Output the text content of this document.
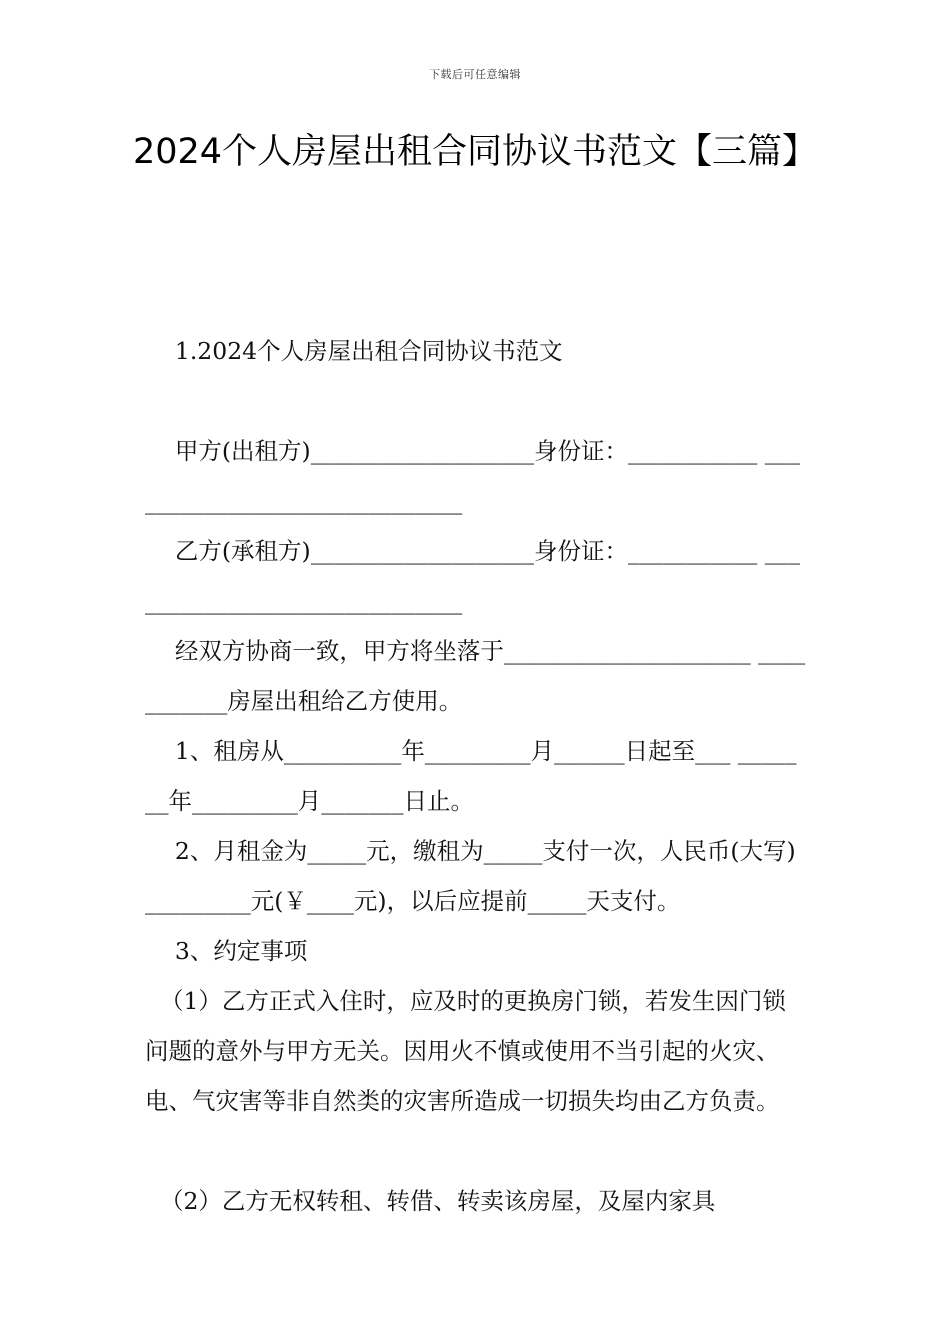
下载后可任意编辑
2024个人房屋出租合同协议书范文【三篇】
1.2024个人房屋出租合同协议书范文
甲方(出租方)___________________身份证：___________ ______________________________
乙方(承租方)___________________身份证：___________ ______________________________
经双方协商一致，甲方将坐落于_____________________ ___________房屋出租给乙方使用。
1、租房从__________年_________月______日起至___ _______年_________月_______日止。
2、月租金为_____元，缴租为_____支付一次，人民币(大写)_________元(￥____元)，以后应提前_____天支付。
3、约定事项
（1）乙方正式入住时，应及时的更换房门锁，若发生因门锁问题的意外与甲方无关。因用火不慎或使用不当引起的火灾、电、气灾害等非自然类的灾害所造成一切损失均由乙方负责。
（2）乙方无权转租、转借、转卖该房屋，及屋内家具
